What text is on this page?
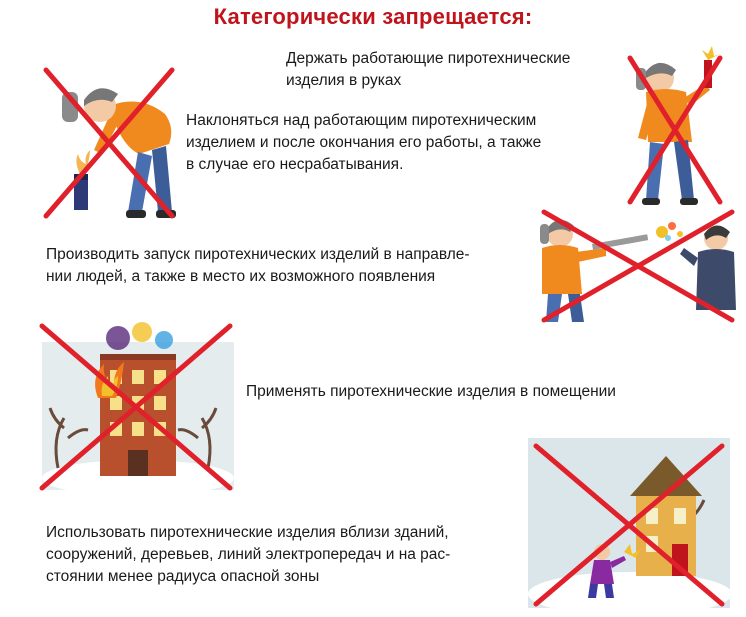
Категорически запрещается:
Держать работающие пиротехнические
изделия в руках
Наклоняться над работающим пиротехническим
изделием и после окончания его работы, а также
в случае его несрабатывания.
Производить запуск пиротехнических изделий в направле-
нии людей, а также в место их возможного появления
Применять пиротехнические изделия в помещении
Использовать пиротехнические изделия вблизи зданий,
сооружений, деревьев, линий электропередач и на рас-
стоянии менее радиуса опасной зоны
